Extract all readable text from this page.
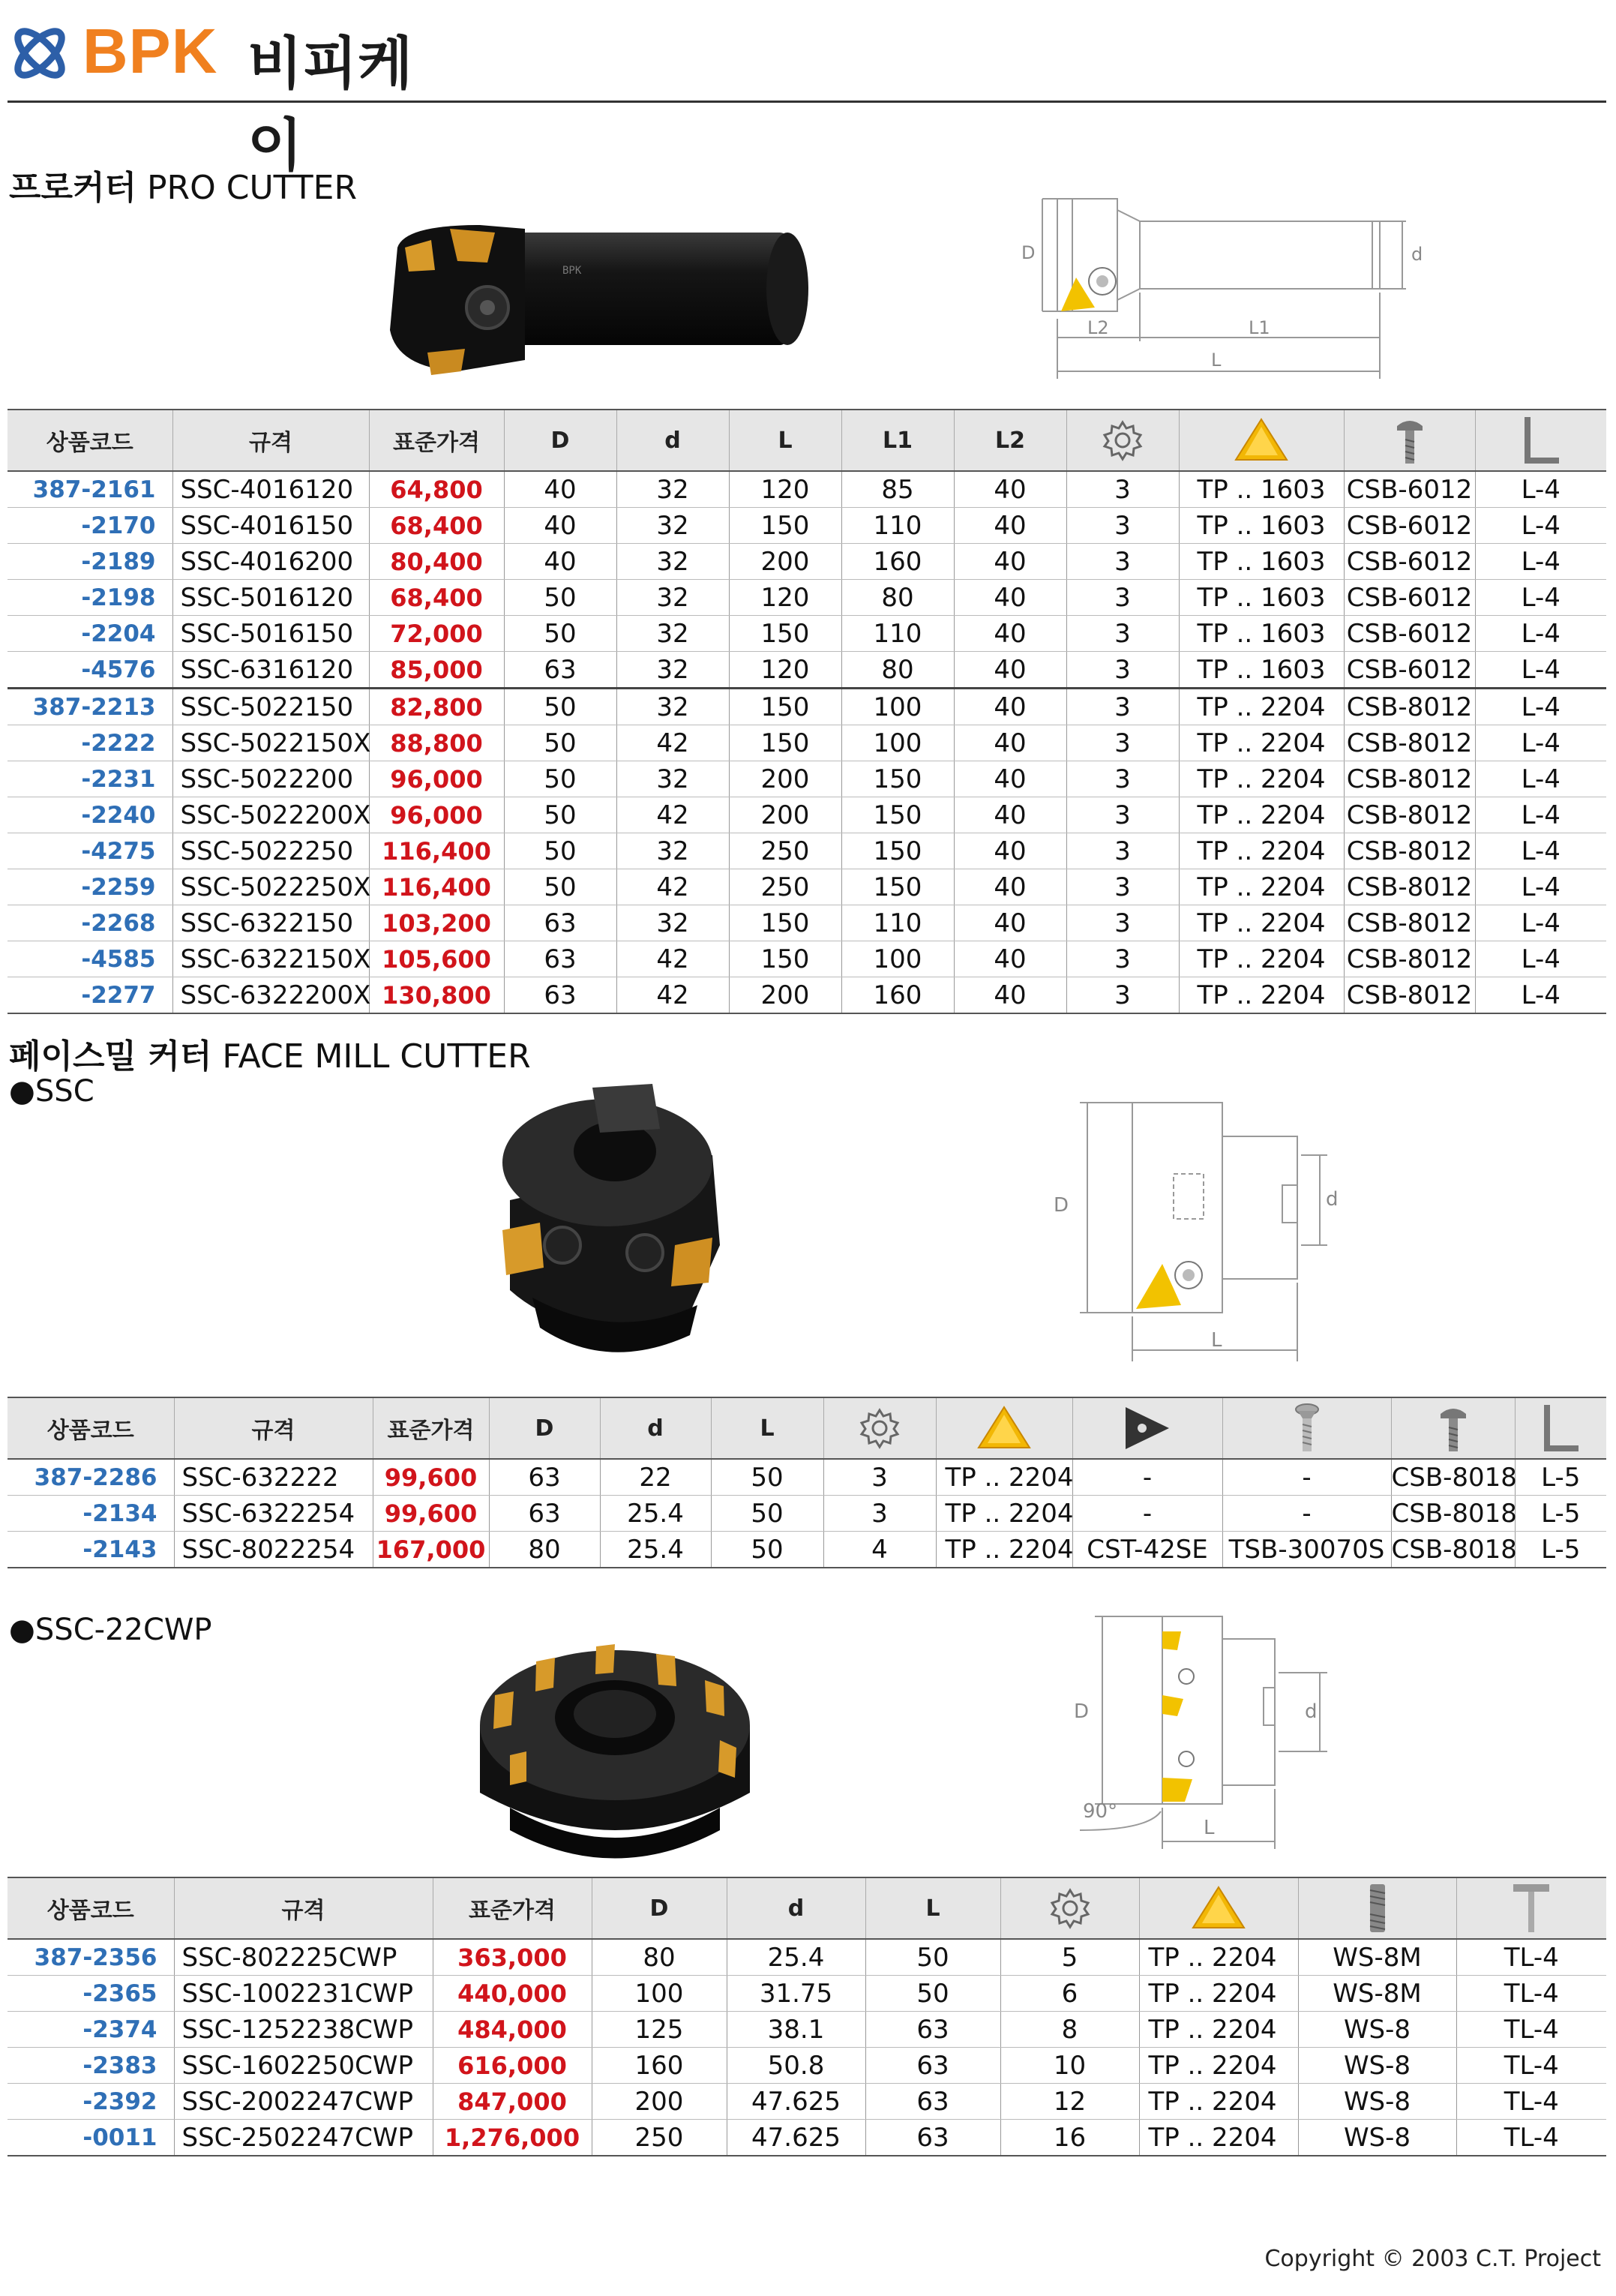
BPK 비피케이
프로커터 PRO CUTTER
BPK
D	d
L2	L1
L
상품코드	규격	표준가격	D	d	L	L1	L2				
387-2161	SSC-4016120	64,800	40	32	120	85	40	3	TP .. 1603	CSB-6012	L-4
-2170	SSC-4016150	68,400	40	32	150	110	40	3	TP .. 1603	CSB-6012	L-4
-2189	SSC-4016200	80,400	40	32	200	160	40	3	TP .. 1603	CSB-6012	L-4
-2198	SSC-5016120	68,400	50	32	120	80	40	3	TP .. 1603	CSB-6012	L-4
-2204	SSC-5016150	72,000	50	32	150	110	40	3	TP .. 1603	CSB-6012	L-4
-4576	SSC-6316120	85,000	63	32	120	80	40	3	TP .. 1603	CSB-6012	L-4
387-2213	SSC-5022150	82,800	50	32	150	100	40	3	TP .. 2204	CSB-8012	L-4
-2222	SSC-5022150X	88,800	50	42	150	100	40	3	TP .. 2204	CSB-8012	L-4
-2231	SSC-5022200	96,000	50	32	200	150	40	3	TP .. 2204	CSB-8012	L-4
-2240	SSC-5022200X	96,000	50	42	200	150	40	3	TP .. 2204	CSB-8012	L-4
-4275	SSC-5022250	116,400	50	32	250	150	40	3	TP .. 2204	CSB-8012	L-4
-2259	SSC-5022250X	116,400	50	42	250	150	40	3	TP .. 2204	CSB-8012	L-4
-2268	SSC-6322150	103,200	63	32	150	110	40	3	TP .. 2204	CSB-8012	L-4
-4585	SSC-6322150X	105,600	63	42	150	100	40	3	TP .. 2204	CSB-8012	L-4
-2277	SSC-6322200X	130,800	63	42	200	160	40	3	TP .. 2204	CSB-8012	L-4
페이스밀 커터 FACE MILL CUTTER
●SSC
D	d
L
상품코드	규격	표준가격	D	d	L						
387-2286	SSC-632222	99,600	63	22	50	3	TP .. 2204	-	-	CSB-8018	L-5
-2134	SSC-6322254	99,600	63	25.4	50	3	TP .. 2204	-	-	CSB-8018	L-5
-2143	SSC-8022254	167,000	80	25.4	50	4	TP .. 2204	CST-42SE	TSB-30070S	CSB-8018	L-5
●SSC-22CWP
D	d
L
90°
상품코드	규격	표준가격	D	d	L				
387-2356	SSC-802225CWP	363,000	80	25.4	50	5	TP .. 2204	WS-8M	TL-4
-2365	SSC-1002231CWP	440,000	100	31.75	50	6	TP .. 2204	WS-8M	TL-4
-2374	SSC-1252238CWP	484,000	125	38.1	63	8	TP .. 2204	WS-8	TL-4
-2383	SSC-1602250CWP	616,000	160	50.8	63	10	TP .. 2204	WS-8	TL-4
-2392	SSC-2002247CWP	847,000	200	47.625	63	12	TP .. 2204	WS-8	TL-4
-0011	SSC-2502247CWP	1,276,000	250	47.625	63	16	TP .. 2204	WS-8	TL-4
Copyright © 2003 C.T. Project
